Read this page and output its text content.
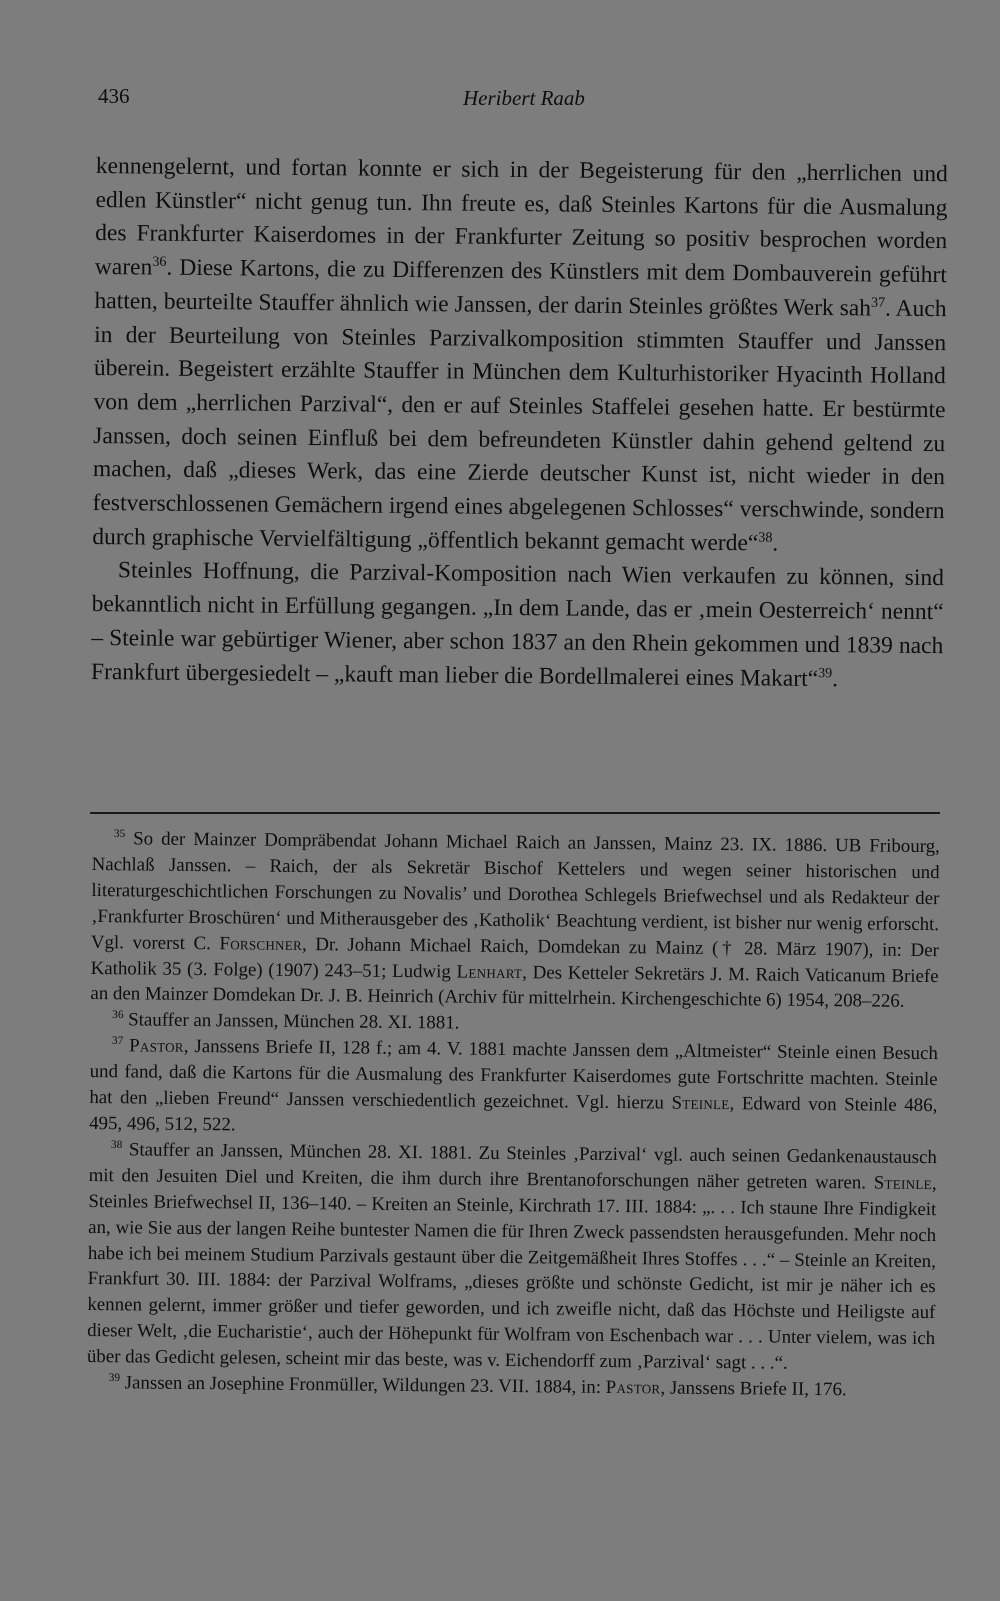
436	Heribert Raab

kennengelernt, und fortan konnte er sich in der Begeisterung für den „herrlichen und edlen Künstler“ nicht genug tun. Ihn freute es, daß Steinles Kartons für die Ausmalung des Frankfurter Kaiserdomes in der Frankfurter Zeitung so positiv besprochen worden waren$^{36}$. Diese Kartons, die zu Differenzen des Künstlers mit dem Dombauverein geführt hatten, beurteilte Stauffer ähnlich wie Janssen, der darin Steinles größtes Werk sah$^{37}$. Auch in der Beurteilung von Steinles Parzivalkomposition stimmten Stauffer und Janssen überein. Begeistert erzählte Stauffer in München dem Kulturhistoriker Hyacinth Holland von dem „herrlichen Parzival“, den er auf Steinles Staffelei gesehen hatte. Er bestürmte Janssen, doch seinen Einfluß bei dem befreundeten Künstler dahin gehend geltend zu machen, daß „dieses Werk, das eine Zierde deutscher Kunst ist, nicht wieder in den festverschlossenen Gemächern irgend eines abgelegenen Schlosses“ verschwinde, sondern durch graphische Vervielfältigung „öffentlich bekannt gemacht werde“$^{38}$.

Steinles Hoffnung, die Parzival-Komposition nach Wien verkaufen zu können, sind bekanntlich nicht in Erfüllung gegangen. „In dem Lande, das er ‚mein Oesterreich‘ nennt“ – Steinle war gebürtiger Wiener, aber schon 1837 an den Rhein gekommen und 1839 nach Frankfurt übergesiedelt – „kauft man lieber die Bordellmalerei eines Makart“$^{39}$.

$^{35}$ So der Mainzer Dompräbendat Johann Michael Raich an Janssen, Mainz 23. IX. 1886. UB Fribourg, Nachlaß Janssen. – Raich, der als Sekretär Bischof Kettelers und wegen seiner historischen und literaturgeschichtlichen Forschungen zu Novalis’ und Dorothea Schlegels Briefwechsel und als Redakteur der ‚Frankfurter Broschüren‘ und Mitherausgeber des ‚Katholik‘ Beachtung verdient, ist bisher nur wenig erforscht. Vgl. vorerst C. Forschner, Dr. Johann Michael Raich, Domdekan zu Mainz († 28. März 1907), in: Der Katholik 35 (3. Folge) (1907) 243–51; Ludwig Lenhart, Des Ketteler Sekretärs J. M. Raich Vaticanum Briefe an den Mainzer Domdekan Dr. J. B. Heinrich (Archiv für mittelrhein. Kirchengeschichte 6) 1954, 208–226.

$^{36}$ Stauffer an Janssen, München 28. XI. 1881.

$^{37}$ Pastor, Janssens Briefe II, 128 f.; am 4. V. 1881 machte Janssen dem „Altmeister“ Steinle einen Besuch und fand, daß die Kartons für die Ausmalung des Frankfurter Kaiserdomes gute Fortschritte machten. Steinle hat den „lieben Freund“ Janssen verschiedentlich gezeichnet. Vgl. hierzu Steinle, Edward von Steinle 486, 495, 496, 512, 522.

$^{38}$ Stauffer an Janssen, München 28. XI. 1881. Zu Steinles ‚Parzival‘ vgl. auch seinen Gedankenaustausch mit den Jesuiten Diel und Kreiten, die ihm durch ihre Brentanoforschungen näher getreten waren. Steinle, Steinles Briefwechsel II, 136–140. – Kreiten an Steinle, Kirchrath 17. III. 1884: „. . . Ich staune Ihre Findigkeit an, wie Sie aus der langen Reihe buntester Namen die für Ihren Zweck passendsten herausgefunden. Mehr noch habe ich bei meinem Studium Parzivals gestaunt über die Zeitgemäßheit Ihres Stoffes . . .“ – Steinle an Kreiten, Frankfurt 30. III. 1884: der Parzival Wolframs, „dieses größte und schönste Gedicht, ist mir je näher ich es kennen gelernt, immer größer und tiefer geworden, und ich zweifle nicht, daß das Höchste und Heiligste auf dieser Welt, ‚die Eucharistie‘, auch der Höhepunkt für Wolfram von Eschenbach war . . . Unter vielem, was ich über das Gedicht gelesen, scheint mir das beste, was v. Eichendorff zum ‚Parzival‘ sagt . . .“.

$^{39}$ Janssen an Josephine Fronmüller, Wildungen 23. VII. 1884, in: Pastor, Janssens Briefe II, 176.
